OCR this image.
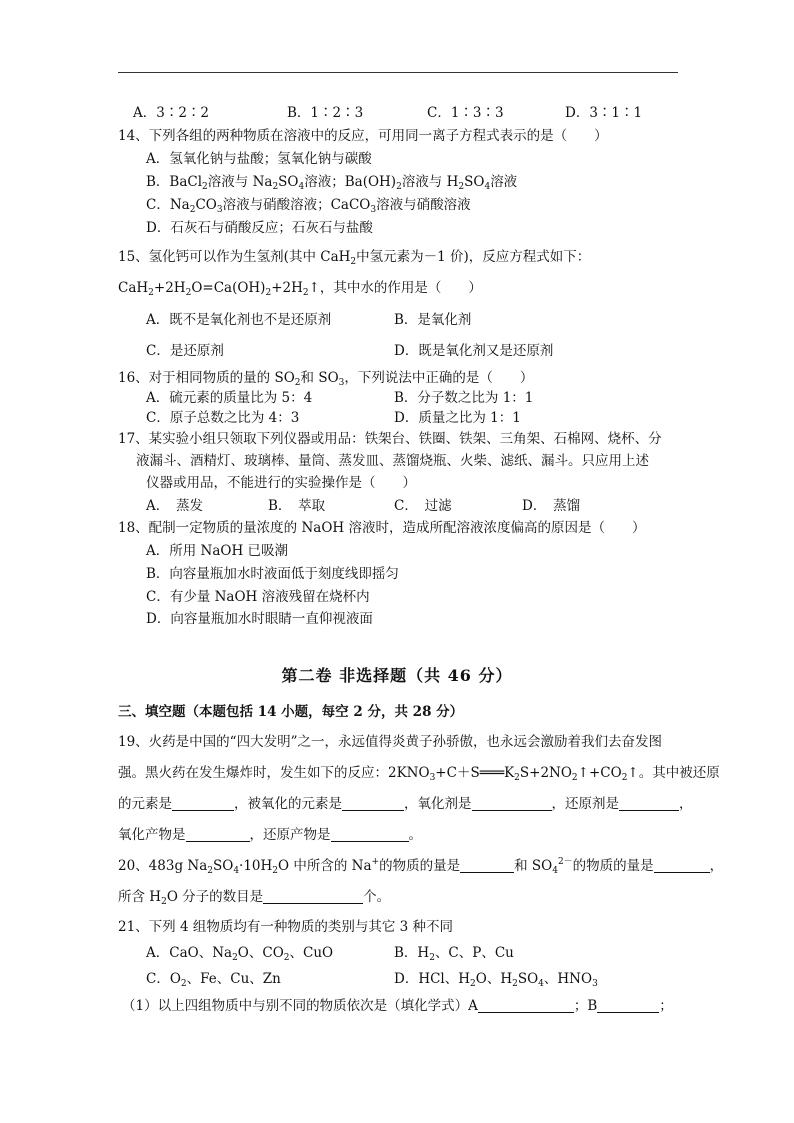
A．3∶2∶2	B．1∶2∶3	C．1∶3∶3	D．3∶1∶1
14、下列各组的两种物质在溶液中的反应，可用同一离子方程式表示的是（　　）
A．氢氧化钠与盐酸；氢氧化钠与碳酸
B．BaCl$_2$溶液与 $Na_2SO_4$溶液；$Ba(OH)_2$溶液与 $H_2SO_4$溶液
C．$Na_2CO_3$溶液与硝酸溶液；CaCO$_3$溶液与硝酸溶液
D．石灰石与硝酸反应；石灰石与盐酸
15、氢化钙可以作为生氢剂(其中 CaH$_2$中氢元素为－1 价)，反应方程式如下：
$CaH_2+2H_2O=Ca(OH)_2+2H_2↑$，其中水的作用是（　　）
A．既不是氧化剂也不是还原剂	B．是氧化剂
C．是还原剂	D．既是氧化剂又是还原剂
16、对于相同物质的量的 $SO_2$和 $SO_3$，下列说法中正确的是（　　）
A．硫元素的质量比为 5：4	B．分子数之比为 1：1
C．原子总数之比为 4：3	D．质量之比为 1：1
17、某实验小组只领取下列仪器或用品：铁架台、铁圈、铁架、三角架、石棉网、烧杯、分
液漏斗、酒精灯、玻璃棒、量筒、蒸发皿、蒸馏烧瓶、火柴、滤纸、漏斗。只应用上述
仪器或用品，不能进行的实验操作是（　　）
A．　蒸发	B．　萃取	C．　过滤	D．　蒸馏
18、配制一定物质的量浓度的 NaOH 溶液时，造成所配溶液浓度偏高的原因是（　　）
A．所用 NaOH 已吸潮
B．向容量瓶加水时液面低于刻度线即摇匀
C．有少量 NaOH 溶液残留在烧杯内
D．向容量瓶加水时眼睛一直仰视液面
第二卷 非选择题（共 46 分）
三、填空题（本题包括 14 小题，每空 2 分，共 28 分）
19、火药是中国的“四大发明”之一，永远值得炎黄子孙骄傲，也永远会激励着我们去奋发图
强。黑火药在发生爆炸时，发生如下的反应：$2KNO_3+C+S═══K_2S+2NO_2↑+CO_2↑$。其中被还原
的元素是	，被氧化的元素是	，氧化剂是	，还原剂是	，
氧化产物是	，还原产物是	。
20、483g $Na_2SO_4\cdot 10H_2O$ 中所含的 Na+的物质的量是	和 $SO_4^{2-}$的物质的量是	，
所含 $H_2O$ 分子的数目是	个。
21、下列 4 组物质均有一种物质的类别与其它 3 种不同
A．CaO、$Na_2O$、$CO_2$、CuO	B．$H_2$、C、P、Cu
C．$O_2$、Fe、Cu、Zn	D．HCl、$H_2O$、$H_2SO_4$、$HNO_3$
（1）以上四组物质中与别不同的物质依次是（填化学式）A	；B	；
